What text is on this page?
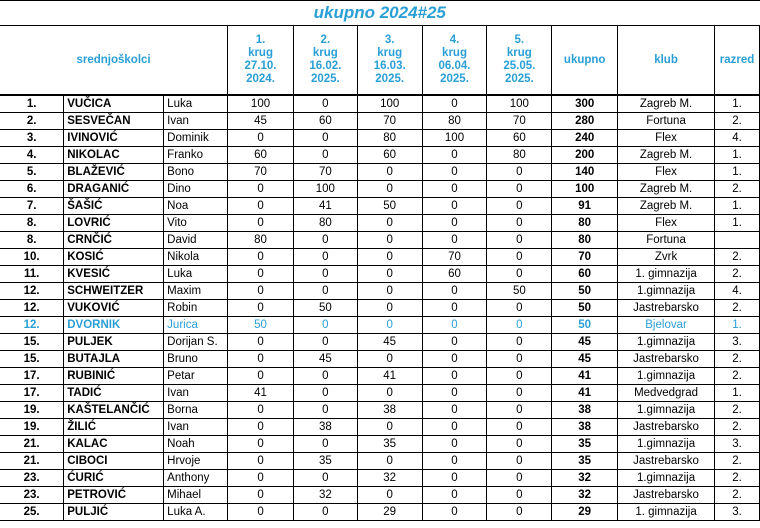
ukupno 2024#25										
srednjoškolci			1.
krug
27.10.
2024.	2.
krug
16.02.
2025.	3.
krug
16.03.
2025.	4.
krug
06.04.
2025.	5.
krug
25.05.
2025.	ukupno	klub	razred
1.	VUČICA	Luka	100	0	100	0	100	300	Zagreb M.	1.
2.	SESVEČAN	Ivan	45	60	70	80	70	280	Fortuna	2.
3.	IVINOVIĆ	Dominik	0	0	80	100	60	240	Flex	4.
4.	NIKOLAC	Franko	60	0	60	0	80	200	Zagreb M.	1.
5.	BLAŽEVIĆ	Bono	70	70	0	0	0	140	Flex	1.
6.	DRAGANIĆ	Dino	0	100	0	0	0	100	Zagreb M.	2.
7.	ŠAŠIĆ	Noa	0	41	50	0	0	91	Zagreb M.	1.
8.	LOVRIĆ	Vito	0	80	0	0	0	80	Flex	1.
8.	CRNČIĆ	David	80	0	0	0	0	80	Fortuna	
10.	KOSIĆ	Nikola	0	0	0	70	0	70	Zvrk	2.
11.	KVESIĆ	Luka	0	0	0	60	0	60	1. gimnazija	2.
12.	SCHWEITZER	Maxim	0	0	0	0	50	50	1.gimnazija	4.
12.	VUKOVIĆ	Robin	0	50	0	0	0	50	Jastrebarsko	2.
12.	DVORNIK	Jurica	50	0	0	0	0	50	Bjelovar	1.
15.	PULJEK	Dorijan S.	0	0	45	0	0	45	1.gimnazija	3.
15.	BUTAJLA	Bruno	0	45	0	0	0	45	Jastrebarsko	2.
17.	RUBINIĆ	Petar	0	0	41	0	0	41	1.gimnazija	2.
17.	TADIĆ	Ivan	41	0	0	0	0	41	Medvedgrad	1.
19.	KAŠTELANČIĆ	Borna	0	0	38	0	0	38	1.gimnazija	2.
19.	ŽILIĆ	Ivan	0	38	0	0	0	38	Jastrebarsko	2.
21.	KALAC	Noah	0	0	35	0	0	35	1.gimnazija	3.
21.	CIBOCI	Hrvoje	0	35	0	0	0	35	Jastrebarsko	2.
23.	ĆURIĆ	Anthony	0	0	32	0	0	32	1.gimnazija	2.
23.	PETROVIĆ	Mihael	0	32	0	0	0	32	Jastrebarsko	2.
25.	PULJIĆ	Luka A.	0	0	29	0	0	29	1. gimnazija	3.
